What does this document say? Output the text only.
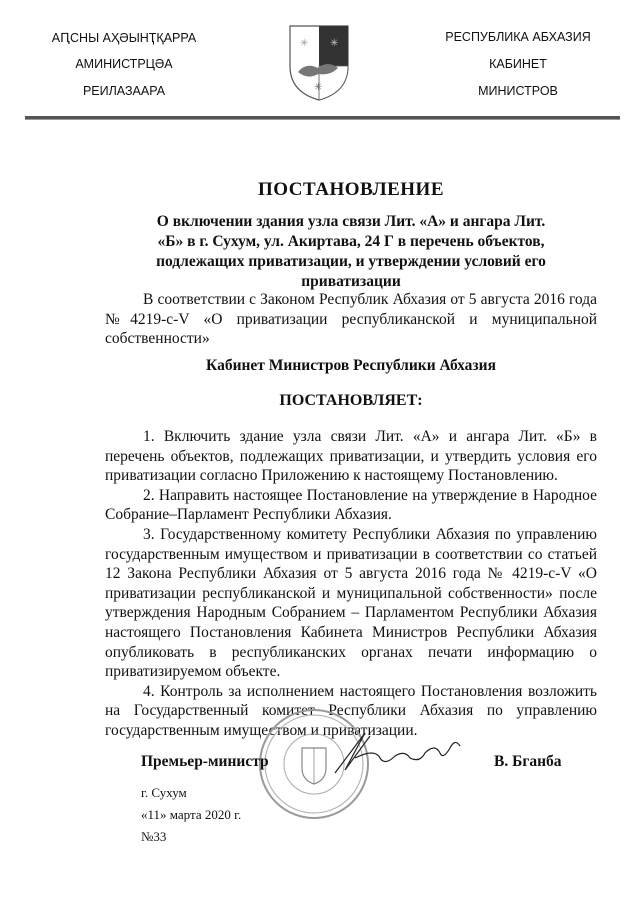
АԤСНЫ АҲӘЫНҬҚАРРА
АМИНИСТРЦӘА
РЕИЛАЗААРА
✳ ✳
✳
РЕСПУБЛИКА АБХАЗИЯ
КАБИНЕТ
МИНИСТРОВ
ПОСТАНОВЛЕНИЕ
О включении здания узла связи Лит. «А» и ангара Лит. «Б» в г. Сухум, ул. Акиртава, 24 Г в перечень объектов, подлежащих приватизации, и утверждении условий его приватизации
В соответствии с Законом Республик Абхазия от 5 августа 2016 года №4219-с-V «О приватизации республиканской и муниципальной собственности»
Кабинет Министров Республики Абхазия
ПОСТАНОВЛЯЕТ:
1. Включить здание узла связи Лит. «А» и ангара Лит. «Б» в перечень объектов, подлежащих приватизации, и утвердить условия его приватизации согласно Приложению к настоящему Постановлению.
2. Направить настоящее Постановление на утверждение в Народное Собрание–Парламент Республики Абхазия.
3. Государственному комитету Республики Абхазия по управлению государственным имуществом и приватизации в соответствии со статьей 12 Закона Республики Абхазия от 5 августа 2016 года № 4219-с-V «О приватизации республиканской и муниципальной собственности» после утверждения Народным Собранием – Парламентом Республики Абхазия настоящего Постановления Кабинета Министров Республики Абхазия опубликовать в республиканских органах печати информацию о приватизируемом объекте.
4. Контроль за исполнением настоящего Постановления возложить на Государственный комитет Республики Абхазия по управлению государственным имуществом и приватизации.
Премьер-министр	В. Бганба
г. Сухум
«11» марта 2020 г.
№33
